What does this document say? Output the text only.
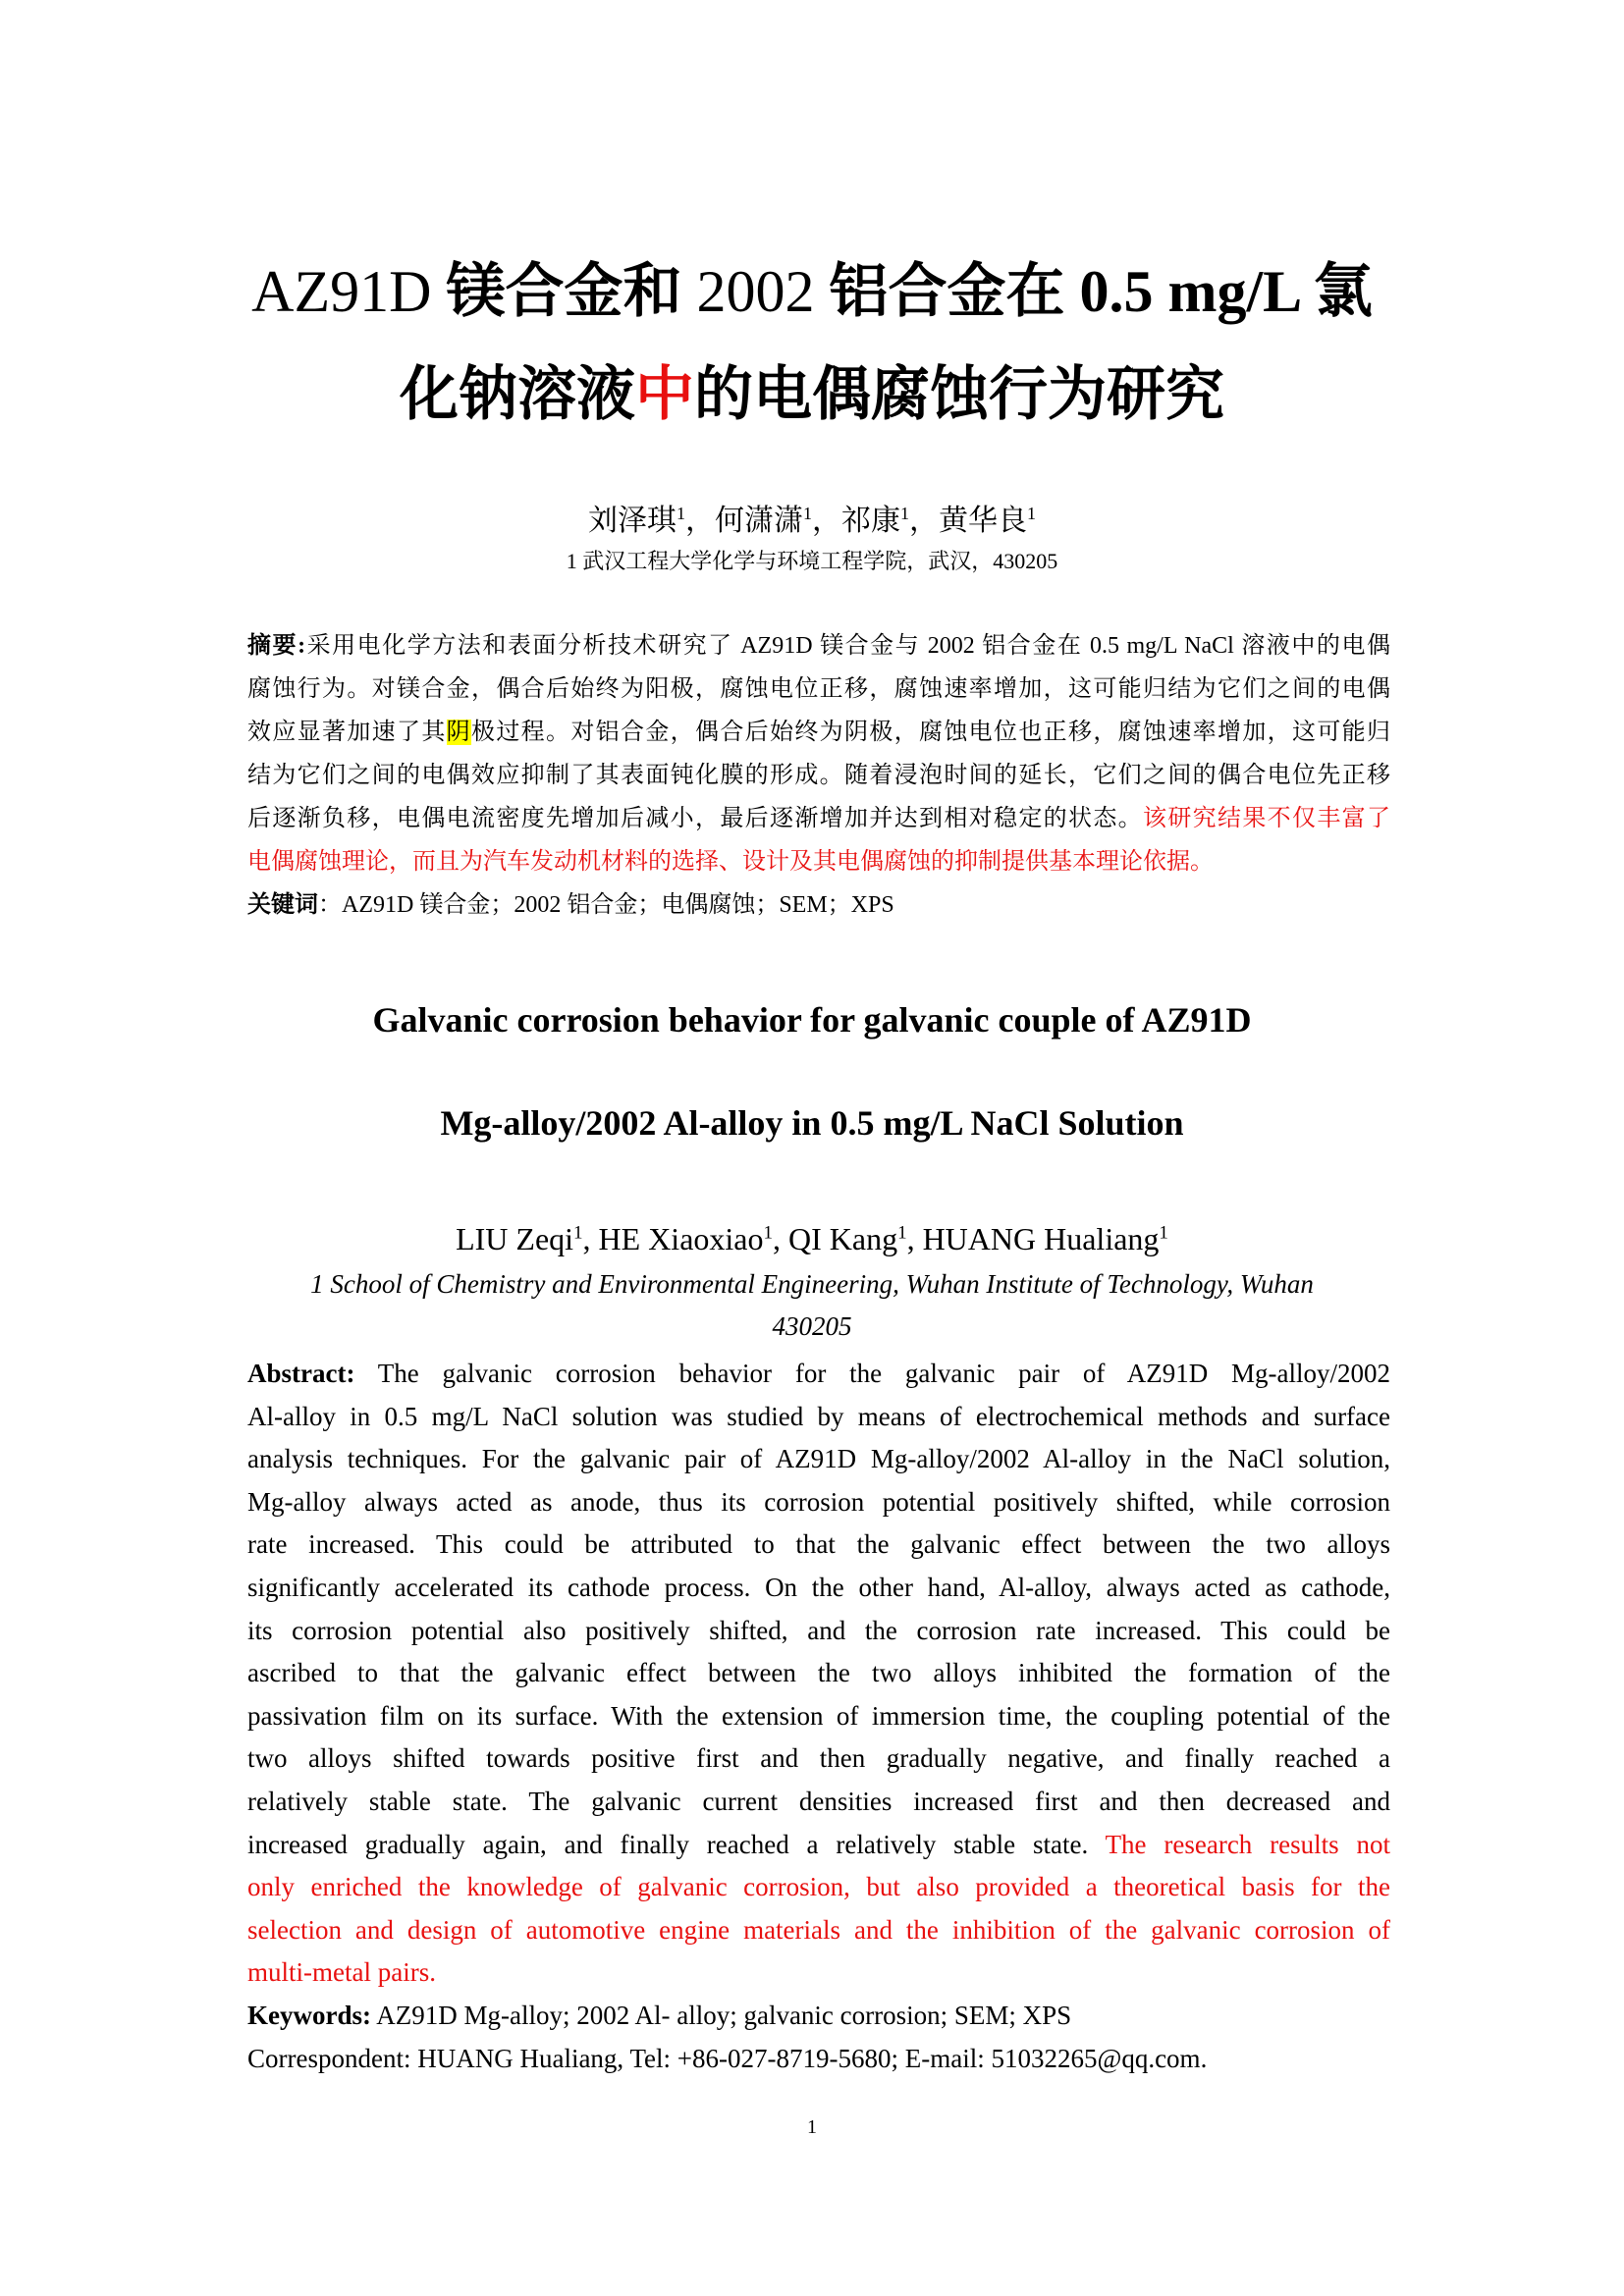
AZ91D 镁合金和 2002 铝合金在 0.5 mg/L 氯
化钠溶液中的电偶腐蚀行为研究
刘泽琪$^1$，何潇潇$^1$，祁康$^1$，黄华良$^1$
1 武汉工程大学化学与环境工程学院，武汉，430205
摘要:采用电化学方法和表面分析技术研究了 AZ91D 镁合金与 2002 铝合金在 0.5 mg/L NaCl 溶液中的电偶
腐蚀行为。对镁合金，偶合后始终为阳极，腐蚀电位正移，腐蚀速率增加，这可能归结为它们之间的电偶
效应显著加速了其阴极过程。对铝合金，偶合后始终为阴极，腐蚀电位也正移，腐蚀速率增加，这可能归
结为它们之间的电偶效应抑制了其表面钝化膜的形成。随着浸泡时间的延长，它们之间的偶合电位先正移
后逐渐负移，电偶电流密度先增加后减小，最后逐渐增加并达到相对稳定的状态。该研究结果不仅丰富了
电偶腐蚀理论，而且为汽车发动机材料的选择、设计及其电偶腐蚀的抑制提供基本理论依据。
关键词：AZ91D 镁合金；2002 铝合金；电偶腐蚀；SEM；XPS
Galvanic corrosion behavior for galvanic couple of AZ91D
Mg-alloy/2002 Al-alloy in 0.5 mg/L NaCl Solution
LIU Zeqi$^1$, HE Xiaoxiao$^1$, QI Kang$^1$, HUANG Hualiang$^1$
1 School of Chemistry and Environmental Engineering, Wuhan Institute of Technology, Wuhan
430205
Abstract: The galvanic corrosion behavior for the galvanic pair of AZ91D Mg-alloy/2002
Al-alloy in 0.5 mg/L NaCl solution was studied by means of electrochemical methods and surface
analysis techniques. For the galvanic pair of AZ91D Mg-alloy/2002 Al-alloy in the NaCl solution,
Mg-alloy always acted as anode, thus its corrosion potential positively shifted, while corrosion
rate increased. This could be attributed to that the galvanic effect between the two alloys
significantly accelerated its cathode process. On the other hand, Al-alloy, always acted as cathode,
its corrosion potential also positively shifted, and the corrosion rate increased. This could be
ascribed to that the galvanic effect between the two alloys inhibited the formation of the
passivation film on its surface. With the extension of immersion time, the coupling potential of the
two alloys shifted towards positive first and then gradually negative, and finally reached a
relatively stable state. The galvanic current densities increased first and then decreased and
increased gradually again, and finally reached a relatively stable state. The research results not
only enriched the knowledge of galvanic corrosion, but also provided a theoretical basis for the
selection and design of automotive engine materials and the inhibition of the galvanic corrosion of
multi-metal pairs.
Keywords: AZ91D Mg-alloy; 2002 Al- alloy; galvanic corrosion; SEM; XPS
Correspondent: HUANG Hualiang, Tel: +86-027-8719-5680; E-mail: 51032265@qq.com.
1
